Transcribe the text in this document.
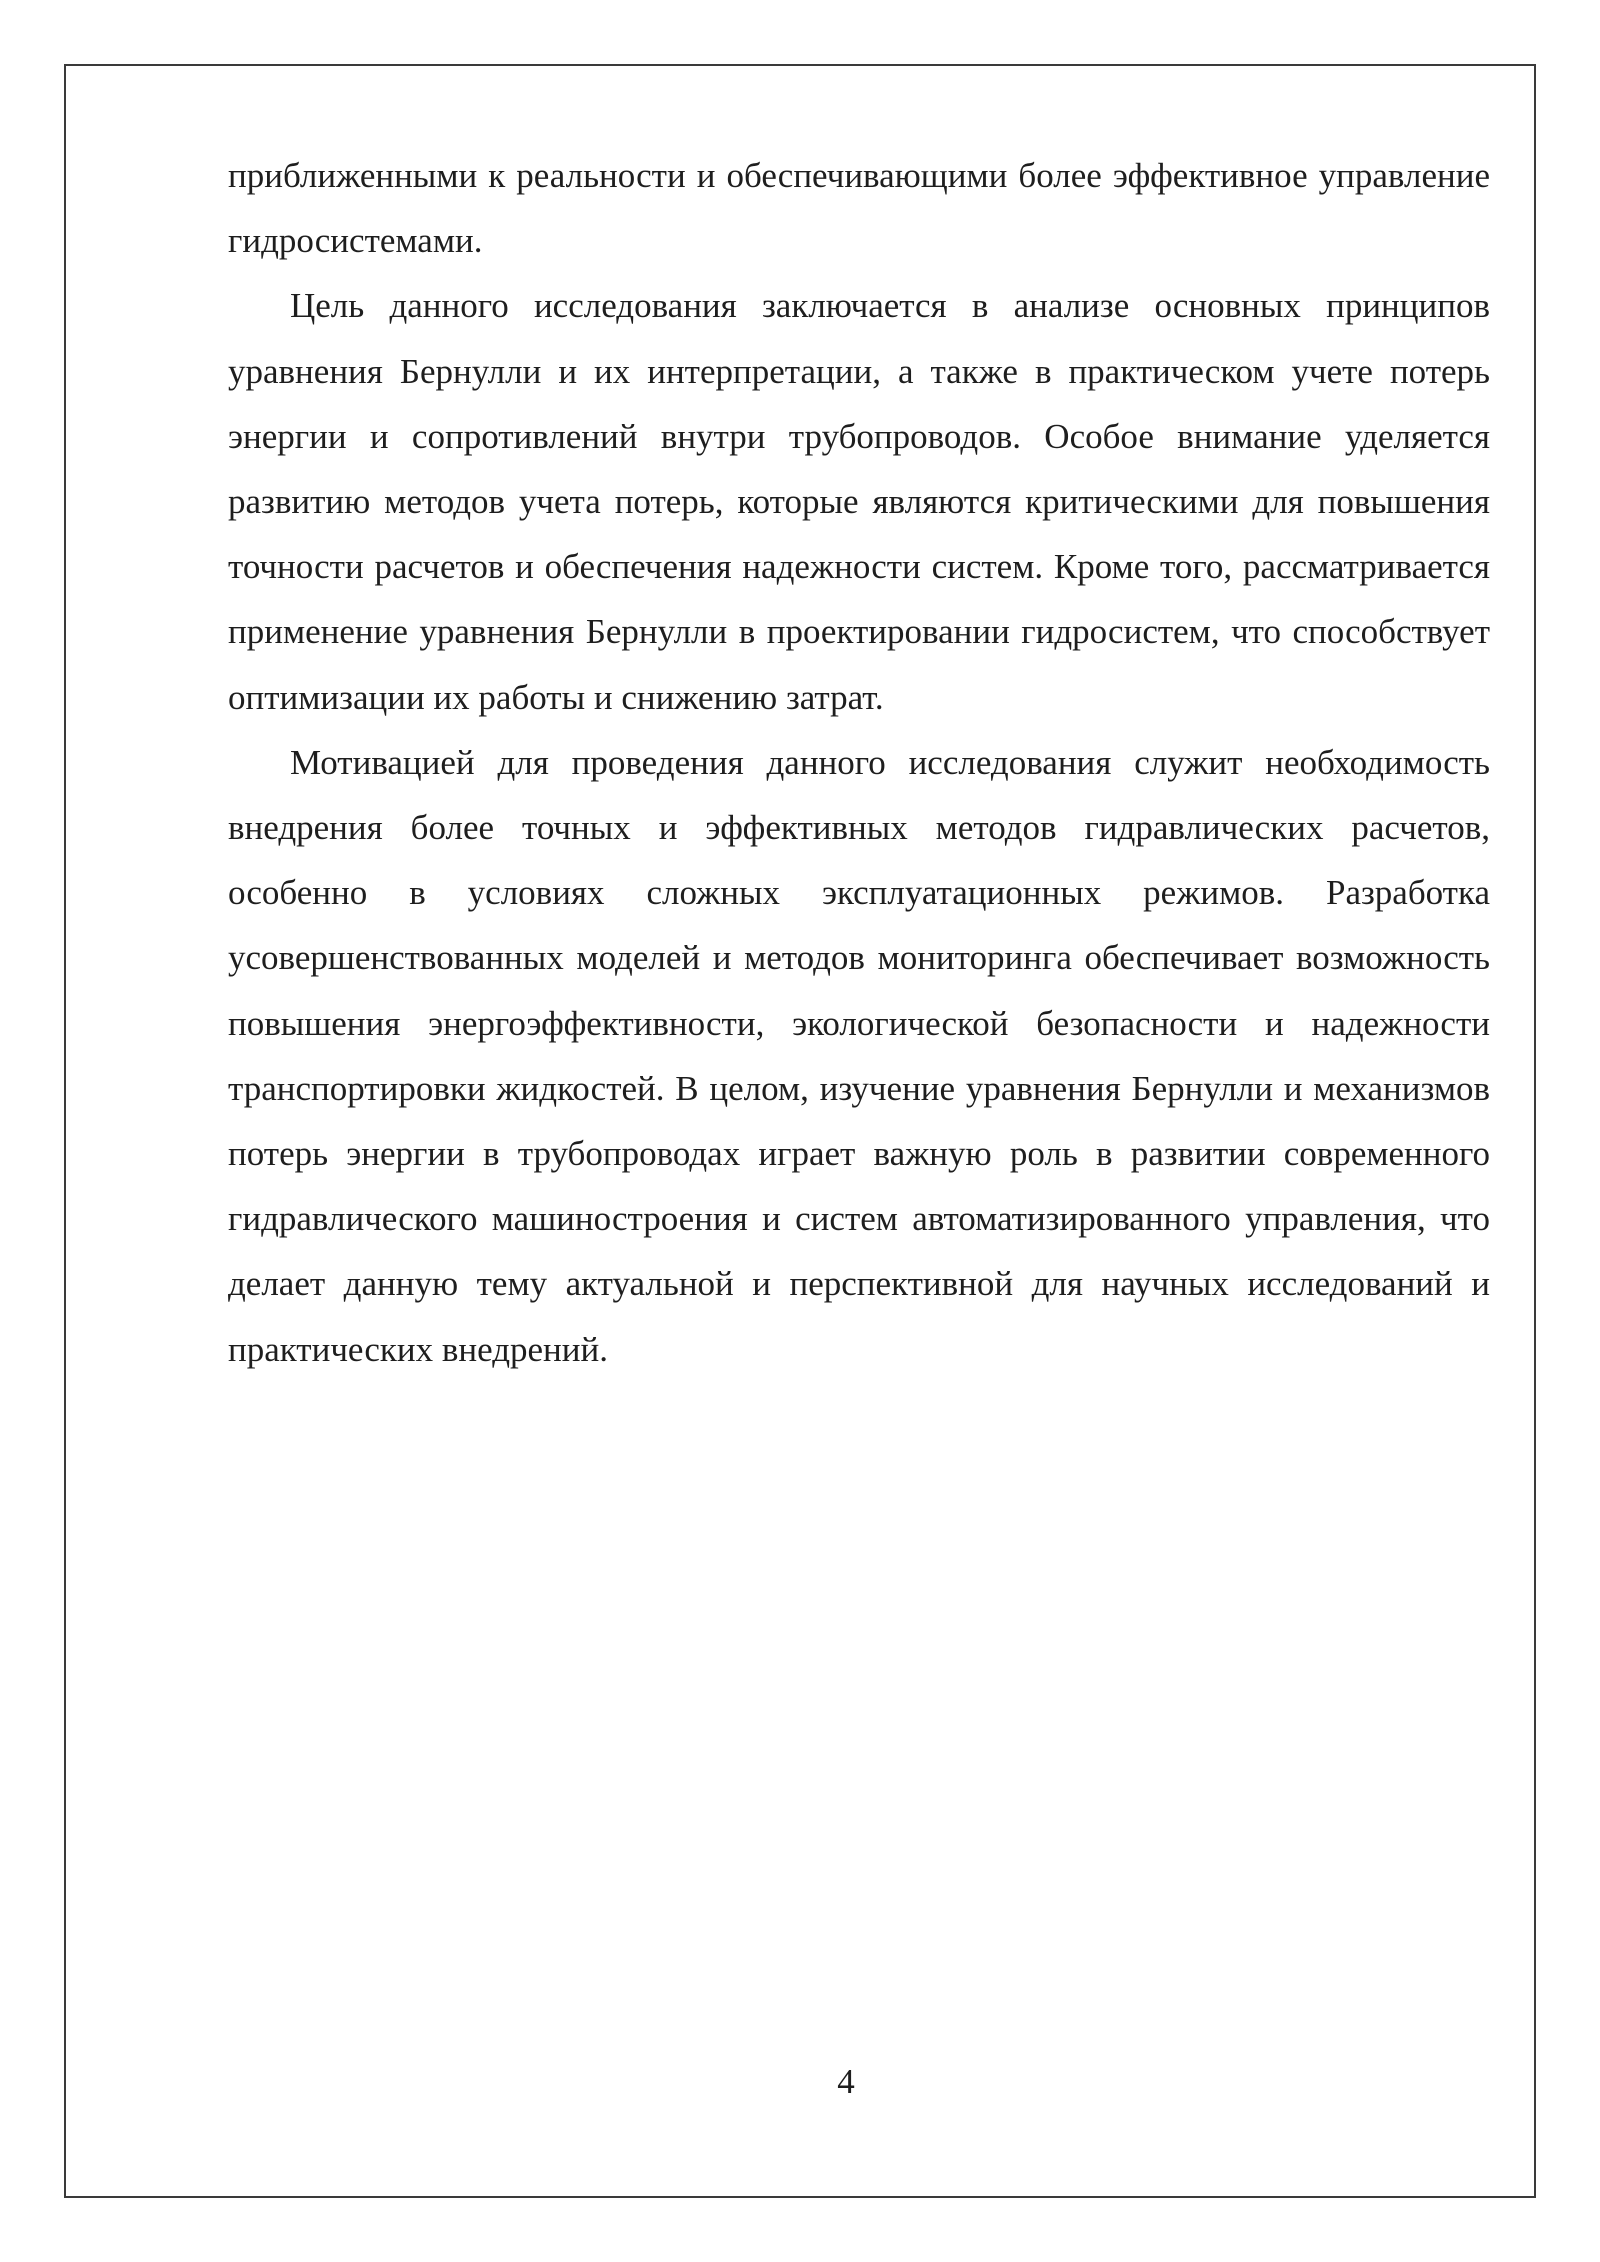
приближенными к реальности и обеспечивающими более эффективное управление гидросистемами.

Цель данного исследования заключается в анализе основных принципов уравнения Бернулли и их интерпретации, а также в практическом учете потерь энергии и сопротивлений внутри трубопроводов. Особое внимание уделяется развитию методов учета потерь, которые являются критическими для повышения точности расчетов и обеспечения надежности систем. Кроме того, рассматривается применение уравнения Бернулли в проектировании гидросистем, что способствует оптимизации их работы и снижению затрат.

Мотивацией для проведения данного исследования служит необходимость внедрения более точных и эффективных методов гидравлических расчетов, особенно в условиях сложных эксплуатационных режимов. Разработка усовершенствованных моделей и методов мониторинга обеспечивает возможность повышения энергоэффективности, экологической безопасности и надежности транспортировки жидкостей. В целом, изучение уравнения Бернулли и механизмов потерь энергии в трубопроводах играет важную роль в развитии современного гидравлического машиностроения и систем автоматизированного управления, что делает данную тему актуальной и перспективной для научных исследований и практических внедрений.

4
